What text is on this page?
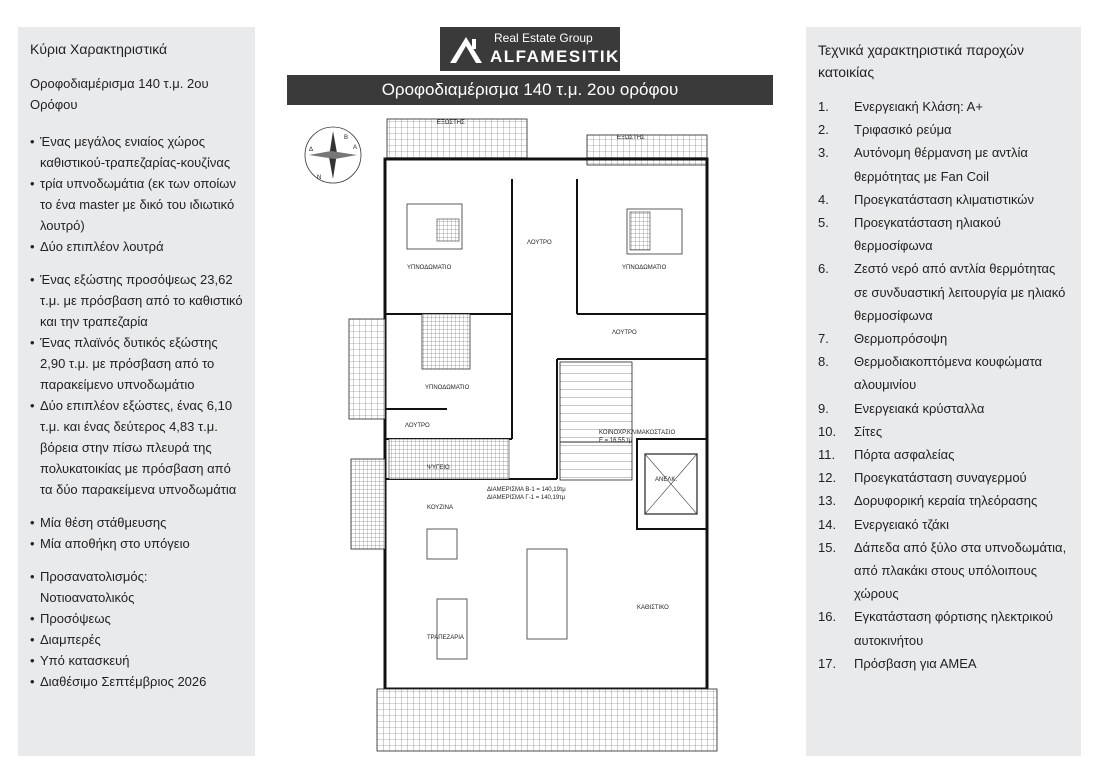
Κύρια Χαρακτηριστικά
Οροφοδιαμέρισμα 140 τ.μ. 2ου Ορόφου
• Ένας μεγάλος ενιαίος χώρος καθιστικού-τραπεζαρίας-κουζίνας
• τρία υπνοδωμάτια (εκ των οποίων το ένα master με δικό του ιδιωτικό λουτρό)
• Δύο επιπλέον λουτρά
• Ένας εξώστης προσόψεως 23,62 τ.μ. με πρόσβαση από το καθιστικό και την τραπεζαρία
• Ένας πλαϊνός δυτικός εξώστης 2,90 τ.μ. με πρόσβαση από το παρακείμενο υπνοδωμάτιο
• Δύο επιπλέον εξώστες, ένας 6,10 τ.μ. και ένας δεύτερος 4,83 τ.μ. βόρεια στην πίσω πλευρά της πολυκατοικίας με πρόσβαση από τα δύο παρακείμενα υπνοδωμάτια
• Μία θέση στάθμευσης
• Μία αποθήκη στο υπόγειο
• Προσανατολισμός: Νοτιοανατολικός
• Προσόψεως
• Διαμπερές
• Υπό κατασκευή
• Διαθέσιμο Σεπτέμβριος 2026
Real Estate Group
ALFAMESITIKI
Οροφοδιαμέρισμα 140 τ.μ. 2ου ορόφου
Β
Α
Ν
Δ
ΕΞΩΣΤΗΣ
ΕΞΩΣΤΗΣ
ΥΠΝΟΔΩΜΑΤΙΟ	ΥΠΝΟΔΩΜΑΤΙΟ
ΥΠΝΟΔΩΜΑΤΙΟ
ΛΟΥΤΡΟ
ΛΟΥΤΡΟ
ΛΟΥΤΡΟ
ΨΥΓΕΙΟ
ΚΟΥΖΙΝΑ
ΚΑΘΙΣΤΙΚΟ
ΤΡΑΠΕΖΑΡΙΑ
ΚΟΙΝΟΧΡ.ΚΛΙΜΑΚΟΣΤΑΣΙΟ
Ε = 16,55 τμ
ΑΝΕΛΚ.
ΔΙΑΜΕΡΙΣΜΑ Β-1 = 140,19τμ
ΔΙΑΜΕΡΙΣΜΑ Γ-1 = 140,19τμ
Τεχνικά χαρακτηριστικά παροχών κατοικίας
1.	Ενεργειακή Κλάση: Α+
2.	Τριφασικό ρεύμα
3.	Αυτόνομη θέρμανση με αντλία θερμότητας με Fan Coil
4.	Προεγκατάσταση κλιματιστικών
5.	Προεγκατάσταση ηλιακού θερμοσίφωνα
6.	Ζεστό νερό από αντλία θερμότητας σε συνδυαστική λειτουργία με ηλιακό θερμοσίφωνα
7.	Θερμοπρόσοψη
8.	Θερμοδιακοπτόμενα κουφώματα αλουμινίου
9.	Ενεργειακά κρύσταλλα
10.	Σίτες
11.	Πόρτα ασφαλείας
12.	Προεγκατάσταση συναγερμού
13.	Δορυφορική κεραία τηλεόρασης
14.	Ενεργειακό τζάκι
15.	Δάπεδα από ξύλο στα υπνοδωμάτια, από πλακάκι στους υπόλοιπους χώρους
16.	Εγκατάσταση φόρτισης ηλεκτρικού αυτοκινήτου
17.	Πρόσβαση για ΑΜΕΑ
